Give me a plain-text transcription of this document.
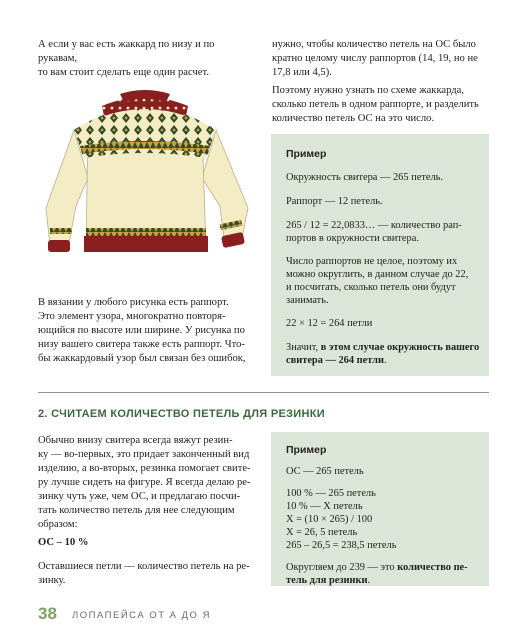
А если у вас есть жаккард по низу и по рукавам,

то вам стоит сделать еще один расчет.

нужно, чтобы количество петель на ОС было

кратно целому числу раппортов (14, 19, но не

17,8 или 4,5).

Поэтому нужно узнать по схеме жаккарда,

сколько петель в одном раппорте, и разделить

количество петель ОС на это число.

В вязании у любого рисунка есть раппорт.

Это элемент узора, многократно повторя-

ющийся по высоте или ширине. У рисунка по

низу вашего свитера также есть раппорт. Что-

бы жаккардовый узор был связан без ошибок,

Пример

Окружность свитера — 265 петель.

Раппорт — 12 петель.

265 / 12 = 22,0833… — количество рап-

портов в окружности свитера.

Число раппортов не целое, поэтому их

можно округлить, в данном случае до 22,

и посчитать, сколько петель они будут

занимать.

22 × 12 = 264 петли

Значит, в этом случае окружность вашего

свитера — 264 петли.

2. СЧИТАЕМ КОЛИЧЕСТВО ПЕТЕЛЬ ДЛЯ РЕЗИНКИ

Обычно внизу свитера всегда вяжут резин-

ку — во-первых, это придает законченный вид

изделию, а во-вторых, резинка помогает свите-

ру лучше сидеть на фигуре. Я всегда делаю ре-

зинку чуть уже, чем ОС, и предлагаю посчи-

тать количество петель для нее следующим

образом:

ОС – 10 %

Оставшиеся петли — количество петель на ре-

зинку.

Пример

ОС — 265 петель

100 % — 265 петель

10 % — Х петель

Х = (10 × 265) / 100

Х = 26, 5 петель

265 – 26,5 = 238,5 петель

Округляем до 239 — это количество пе-

тель для резинки.

38 ЛОПАПЕЙСА ОТ А ДО Я
